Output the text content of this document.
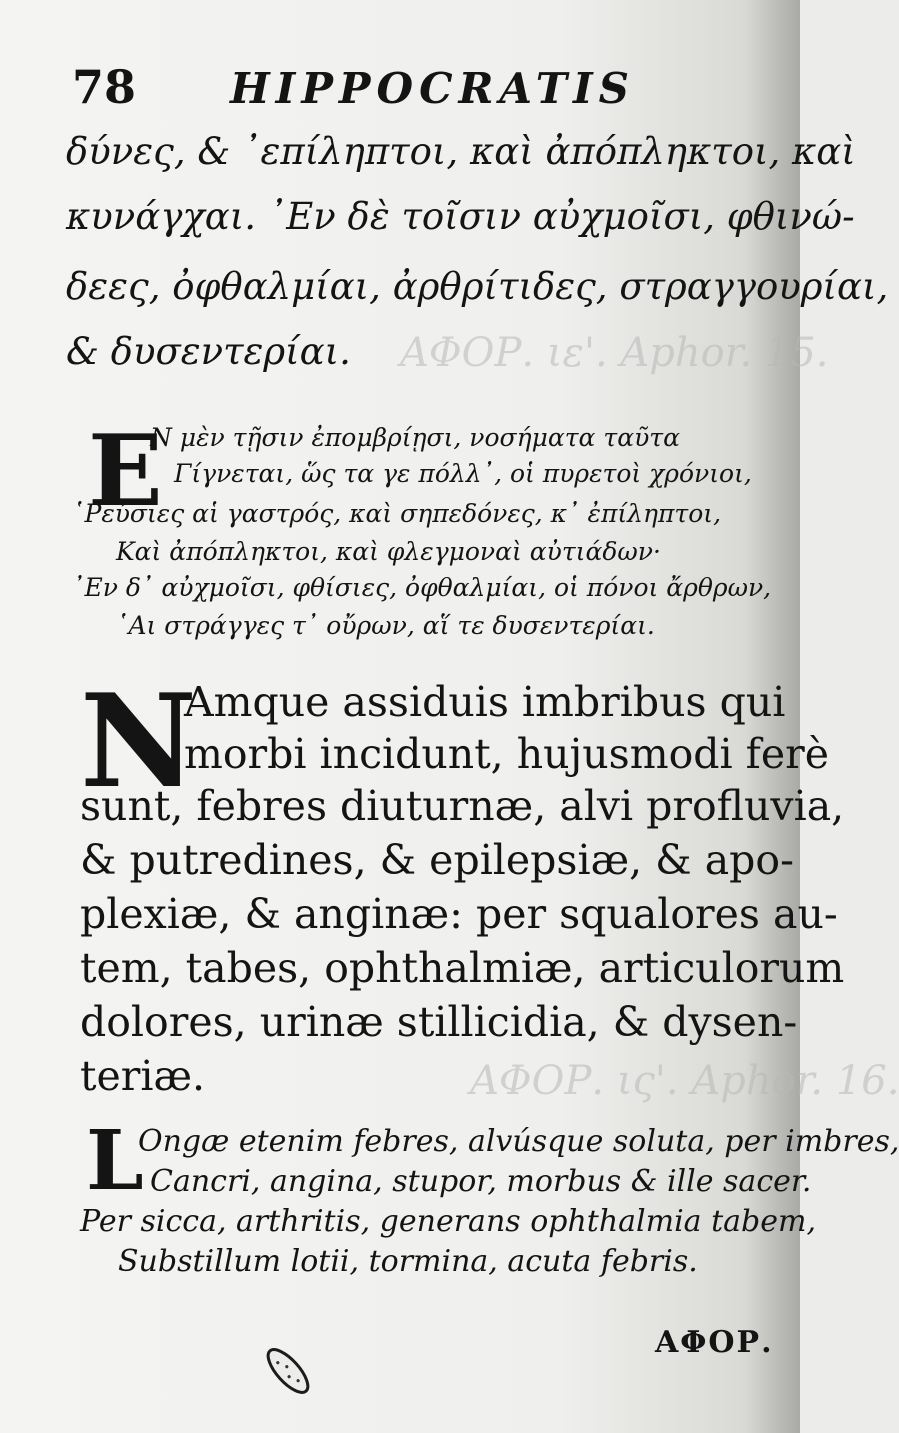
ΑΦΟΡ. ιε'. Aphor. 15.
ΑΦΟΡ. ις'. Aphor. 16.
78 HIPPOCRATIS
δύνες, & ᾿επίληπτοι, καὶ ἀπόπληκτοι, καὶ
κυνάγχαι. ᾿Εν δὲ τοῖσιν αὐχμοῖσι, φθινώ-
δεες, ὀφθαλμίαι, ἀρθρίτιδες, στραγγουρίαι,
& δυσεντερίαι.
E
Ν μὲν τῇσιν ἐπομβρίῃσι, νοσήματα ταῦτα
Γίγνεται, ὥς τα γε πόλλ᾿, οἱ πυρετοὶ χρόνιοι,
῾Ρεύσιες αἱ γαστρός, καὶ σηπεδόνες, κ᾿ ἐπίληπτοι,
Καὶ ἀπόπληκτοι, καὶ φλεγμοναὶ αὐτιάδων·
᾿Εν δ᾿ αὐχμοῖσι, φθίσιες, ὀφθαλμίαι, οἱ πόνοι ἄρθρων,
῾Αι στράγγες τ᾿ οὔρων, αἵ τε δυσεντερίαι.
N
Amque assiduis imbribus qui
morbi incidunt, hujusmodi ferè
sunt, febres diuturnæ, alvi profluvia,
& putredines, & epilepsiæ, & apo-
plexiæ, & anginæ: per squalores au-
tem, tabes, ophthalmiæ, articulorum
dolores, urinæ stillicidia, & dysen-
teriæ.
L
Ongæ etenim febres, alvúsque soluta, per imbres,
Cancri, angina, stupor, morbus & ille sacer.
Per sicca, arthritis, generans ophthalmia tabem,
Substillum lotii, tormina, acuta febris.
ΑΦΟΡ.
